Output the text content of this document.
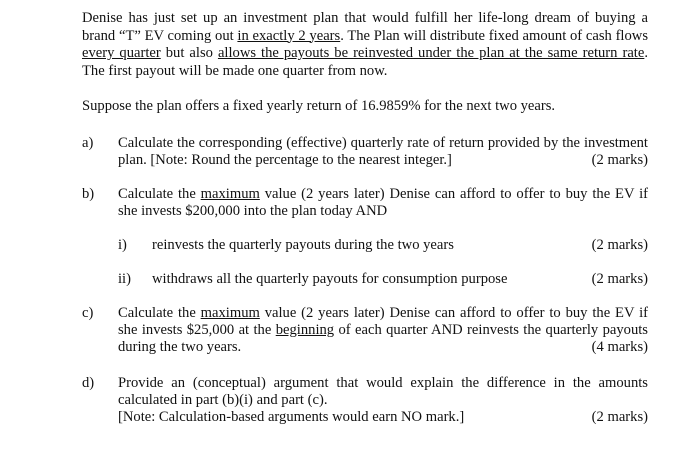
Denise has just set up an investment plan that would fulfill her life-long dream of buying a brand “T” EV coming out in exactly 2 years. The Plan will distribute fixed amount of cash flows every quarter but also allows the payouts be reinvested under the plan at the same return rate. The first payout will be made one quarter from now.
Suppose the plan offers a fixed yearly return of 16.9859% for the next two years.
a) Calculate the corresponding (effective) quarterly rate of return provided by the investment plan. [Note: Round the percentage to the nearest integer.]	(2 marks)
b) Calculate the maximum value (2 years later) Denise can afford to offer to buy the EV if she invests $200,000 into the plan today AND
i) reinvests the quarterly payouts during the two years	(2 marks)
ii) withdraws all the quarterly payouts for consumption purpose	(2 marks)
c) Calculate the maximum value (2 years later) Denise can afford to offer to buy the EV if she invests $25,000 at the beginning of each quarter AND reinvests the quarterly payouts during the two years.	(4 marks)
d) Provide an (conceptual) argument that would explain the difference in the amounts calculated in part (b)(i) and part (c).
[Note: Calculation-based arguments would earn NO mark.]	(2 marks)
